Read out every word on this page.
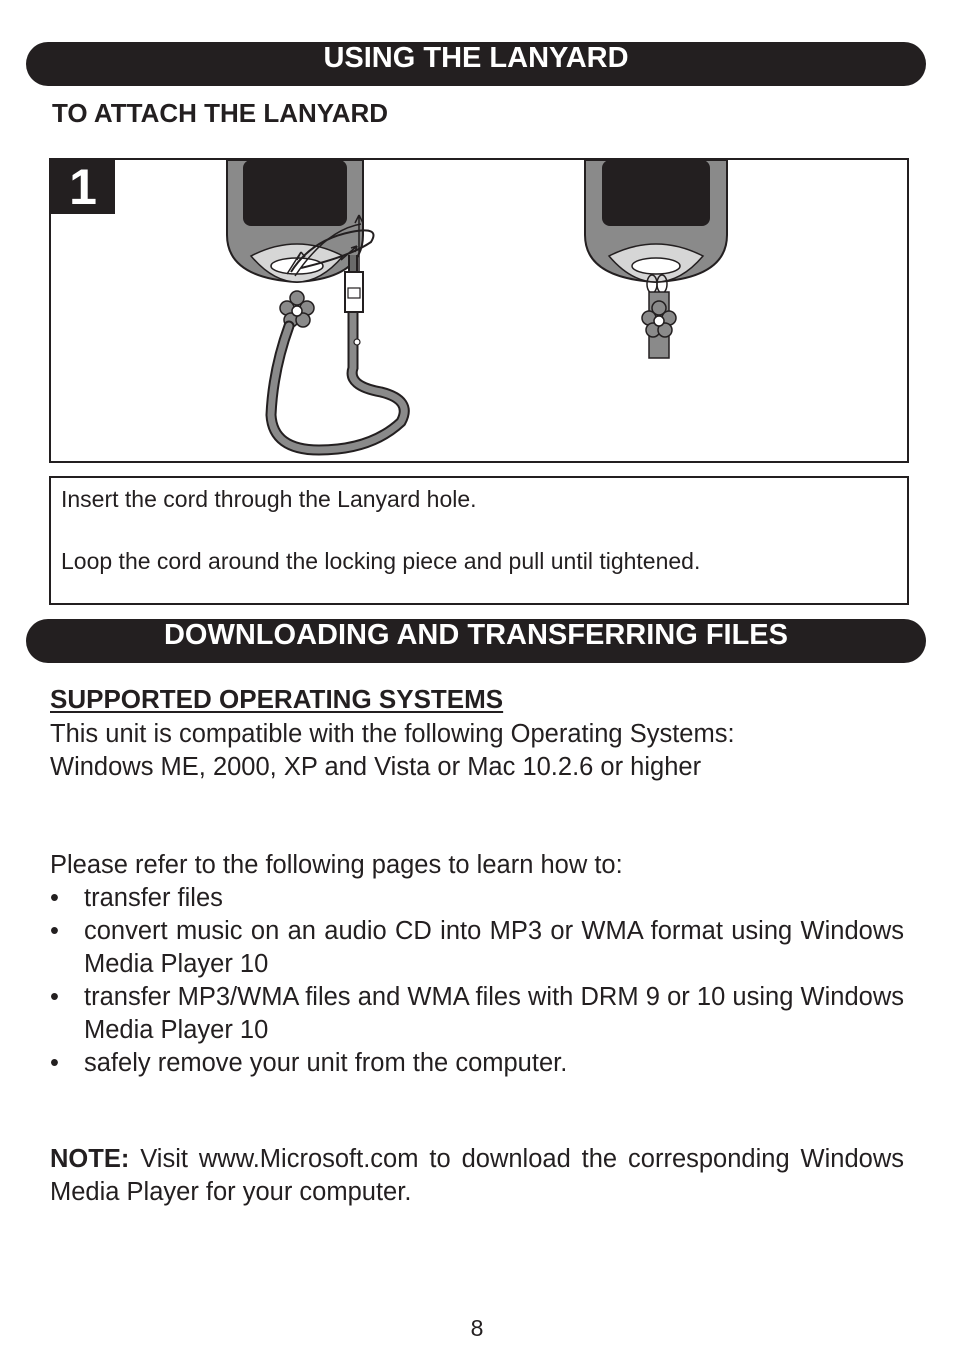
USING THE LANYARD
TO ATTACH THE LANYARD
1

Insert the cord through the Lanyard hole.

Loop the cord around the locking piece and pull until tightened.

DOWNLOADING AND TRANSFERRING FILES
SUPPORTED OPERATING SYSTEMS
This unit is compatible with the following Operating Systems:
Windows ME, 2000, XP and Vista or Mac 10.2.6 or higher
Please refer to the following pages to learn how to:
• transfer files
• convert music on an audio CD into MP3 or WMA format using Windows Media Player 10
• transfer MP3/WMA files and WMA files with DRM 9 or 10 using Windows Media Player 10
• safely remove your unit from the computer.
NOTE: Visit www.Microsoft.com to download the corresponding Windows Media Player for your computer.
8
